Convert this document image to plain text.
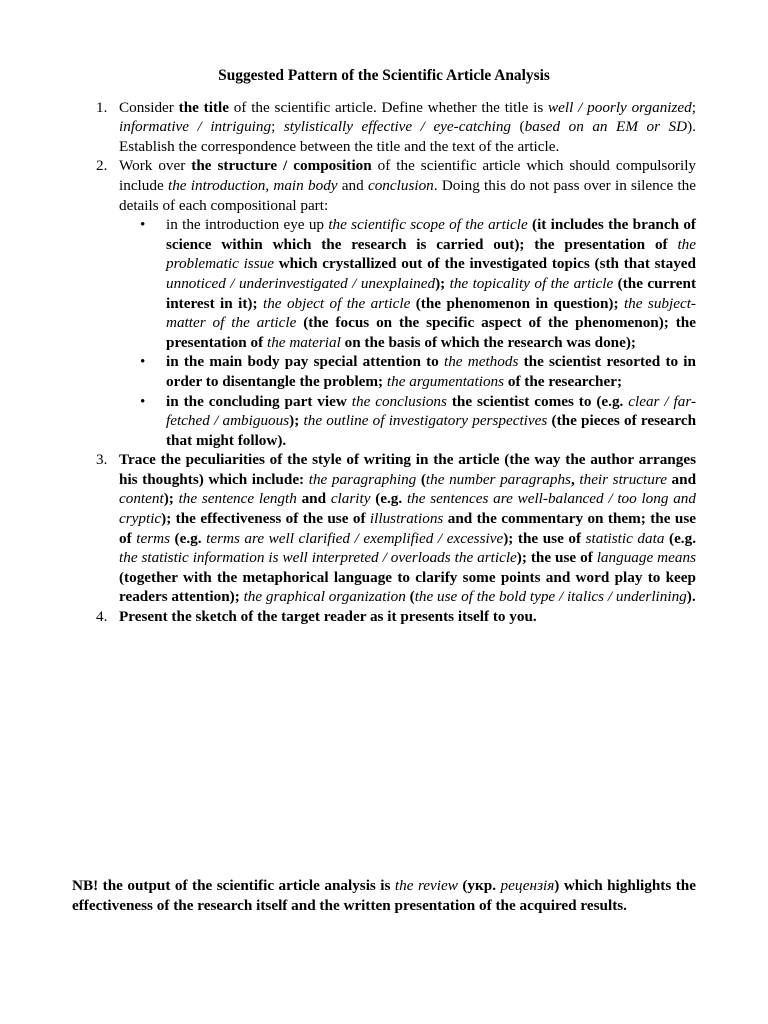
Suggested Pattern of the Scientific Article Analysis
1. Consider the title of the scientific article. Define whether the title is well / poorly organized; informative / intriguing; stylistically effective / eye-catching (based on an EM or SD). Establish the correspondence between the title and the text of the article.
2. Work over the structure / composition of the scientific article which should compulsorily include the introduction, main body and conclusion. Doing this do not pass over in silence the details of each compositional part:
• in the introduction eye up the scientific scope of the article (it includes the branch of science within which the research is carried out); the presentation of the problematic issue which crystallized out of the investigated topics (sth that stayed unnoticed / underinvestigated / unexplained); the topicality of the article (the current interest in it); the object of the article (the phenomenon in question); the subject-matter of the article (the focus on the specific aspect of the phenomenon); the presentation of the material on the basis of which the research was done);
• in the main body pay special attention to the methods the scientist resorted to in order to disentangle the problem; the argumentations of the researcher;
• in the concluding part view the conclusions the scientist comes to (e.g. clear / far-fetched / ambiguous); the outline of investigatory perspectives (the pieces of research that might follow).
3. Trace the peculiarities of the style of writing in the article (the way the author arranges his thoughts) which include: the paragraphing (the number paragraphs, their structure and content); the sentence length and clarity (e.g. the sentences are well-balanced / too long and cryptic); the effectiveness of the use of illustrations and the commentary on them; the use of terms (e.g. terms are well clarified / exemplified / excessive); the use of statistic data (e.g. the statistic information is well interpreted / overloads the article); the use of language means (together with the metaphorical language to clarify some points and word play to keep readers attention); the graphical organization (the use of the bold type / italics / underlining).
4. Present the sketch of the target reader as it presents itself to you.
NB! the output of the scientific article analysis is the review (укр. рецензія) which highlights the effectiveness of the research itself and the written presentation of the acquired results.
